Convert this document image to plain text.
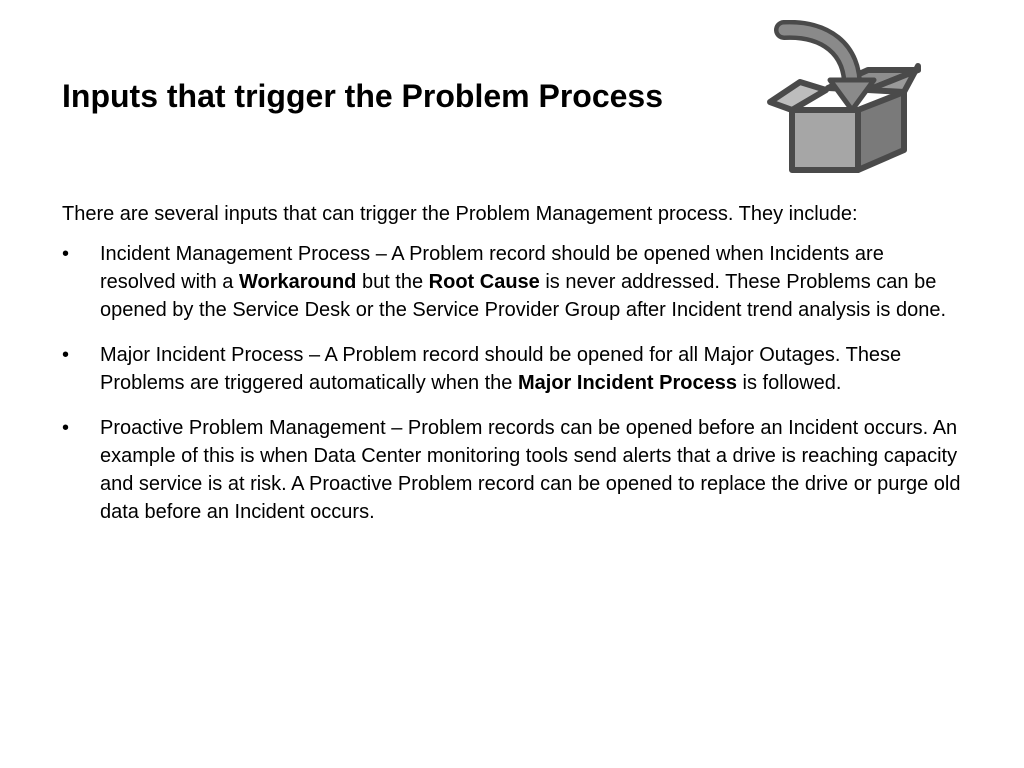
Inputs that trigger the Problem Process

There are several inputs that can trigger the Problem Management process. They include:

•	Incident Management Process – A Problem record should be opened when Incidents are resolved with a Workaround but the Root Cause is never addressed. These Problems can be opened by the Service Desk or the Service Provider Group after Incident trend analysis is done.
•	Major Incident Process – A Problem record should be opened for all Major Outages. These Problems are triggered automatically when the Major Incident Process is followed.
•	Proactive Problem Management – Problem records can be opened before an Incident occurs. An example of this is when Data Center monitoring tools send alerts that a drive is reaching capacity and service is at risk. A Proactive Problem record can be opened to replace the drive or purge old data before an Incident occurs.
